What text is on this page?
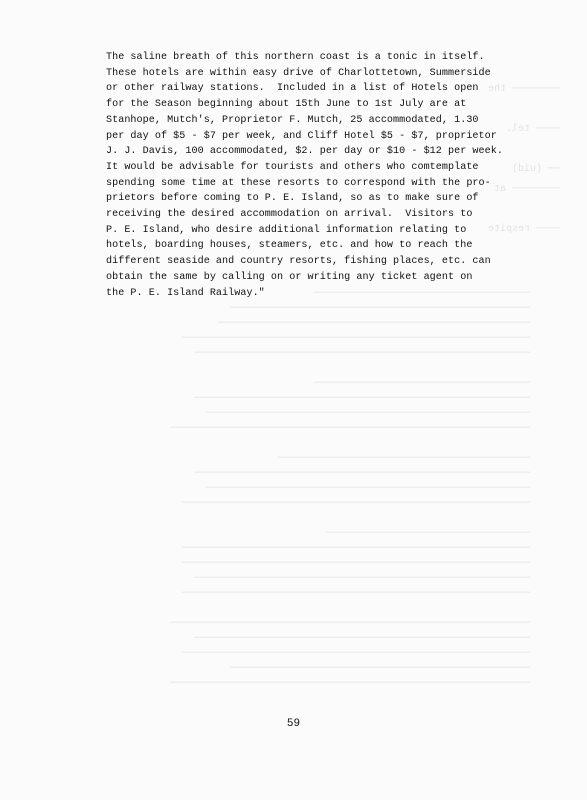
──────── the
──── tel.
── (uid)
──────── at
──── respite
────────────────────────────────────────────────────────────
──────────────────────────────────────────────────
──────────────────────────────────────────────────────────
────────────────────────────────────────────────────────
────────────────────────────────────────────────────────────

──────────────────────────────────────────────────────────
────────────────────────────────────────────────────────
──────────────────────────────────────────────────────────
──────────────────────────────────────────────────────────
──────────────────────────────────

──────────────────────────────────────────────────────────
──────────────────────────────────────────────────────
────────────────────────────────────────────────────────
──────────────────────────────────────────

────────────────────────────────────────────────────────────
──────────────────────────────────────────────────────
────────────────────────────────────────────────────────
────────────────────────────────────

────────────────────────────────────────────────────────
──────────────────────────────────────────────────────────
────────────────────────────────────────────────────
──────────────────────────────────────────────────
────────────────────────────────────

The saline breath of this northern coast is a tonic in itself.
These hotels are within easy drive of Charlottetown, Summerside
or other railway stations.  Included in a list of Hotels open
for the Season beginning about 15th June to 1st July are at
Stanhope, Mutch's, Proprietor F. Mutch, 25 accommodated, 1.30
per day of $5 - $7 per week, and Cliff Hotel $5 - $7, proprietor
J. J. Davis, 100 accommodated, $2. per day or $10 - $12 per week.
It would be advisable for tourists and others who comtemplate
spending some time at these resorts to correspond with the pro-
prietors before coming to P. E. Island, so as to make sure of
receiving the desired accommodation on arrival.  Visitors to
P. E. Island, who desire additional information relating to
hotels, boarding houses, steamers, etc. and how to reach the
different seaside and country resorts, fishing places, etc. can
obtain the same by calling on or writing any ticket agent on
the P. E. Island Railway."
59
